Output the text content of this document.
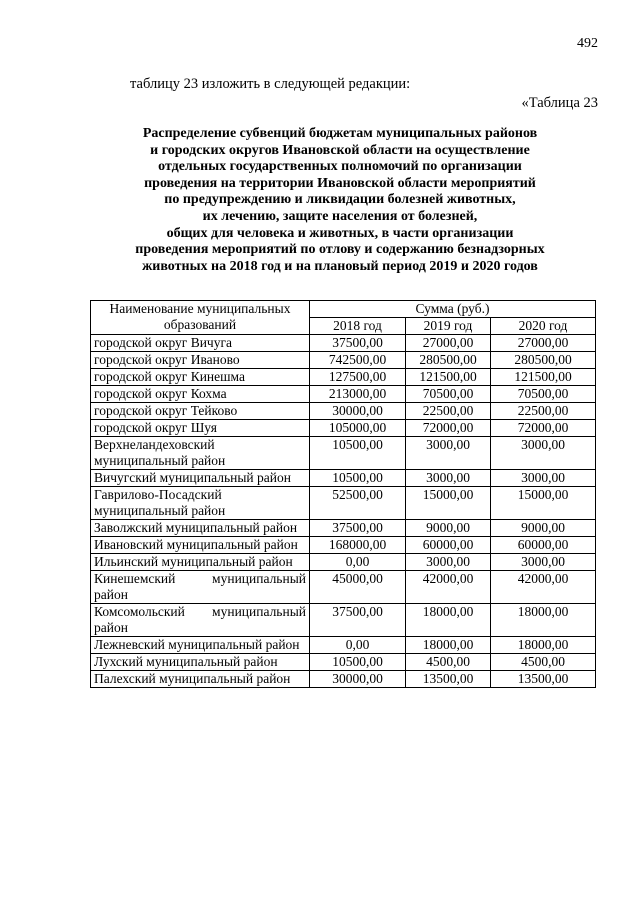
492
таблицу 23 изложить в следующей редакции:
«Таблица 23
Распределение субвенций бюджетам муниципальных районов
и городских округов Ивановской области на осуществление
отдельных государственных полномочий по организации
проведения на территории Ивановской области мероприятий
по предупреждению и ликвидации болезней животных,
их лечению, защите населения от болезней,
общих для человека и животных, в части организации
проведения мероприятий по отлову и содержанию безнадзорных
животных на 2018 год и на плановый период 2019 и 2020 годов
Наименование муниципальных образований	Сумма (руб.)		
	2018 год	2019 год	2020 год
городской округ Вичуга	37500,00	27000,00	27000,00
городской округ Иваново	742500,00	280500,00	280500,00
городской округ Кинешма	127500,00	121500,00	121500,00
городской округ Кохма	213000,00	70500,00	70500,00
городской округ Тейково	30000,00	22500,00	22500,00
городской округ Шуя	105000,00	72000,00	72000,00
Верхнеландеховский муниципальный район	10500,00	3000,00	3000,00
Вичугский муниципальный район	10500,00	3000,00	3000,00
Гаврилово-Посадский муниципальный район	52500,00	15000,00	15000,00
Заволжский муниципальный район	37500,00	9000,00	9000,00
Ивановский муниципальный район	168000,00	60000,00	60000,00
Ильинский муниципальный район	0,00	3000,00	3000,00
Кинешемский муниципальный район	45000,00	42000,00	42000,00
Комсомольский муниципальный район	37500,00	18000,00	18000,00
Лежневский муниципальный район	0,00	18000,00	18000,00
Лухский муниципальный район	10500,00	4500,00	4500,00
Палехский муниципальный район	30000,00	13500,00	13500,00
